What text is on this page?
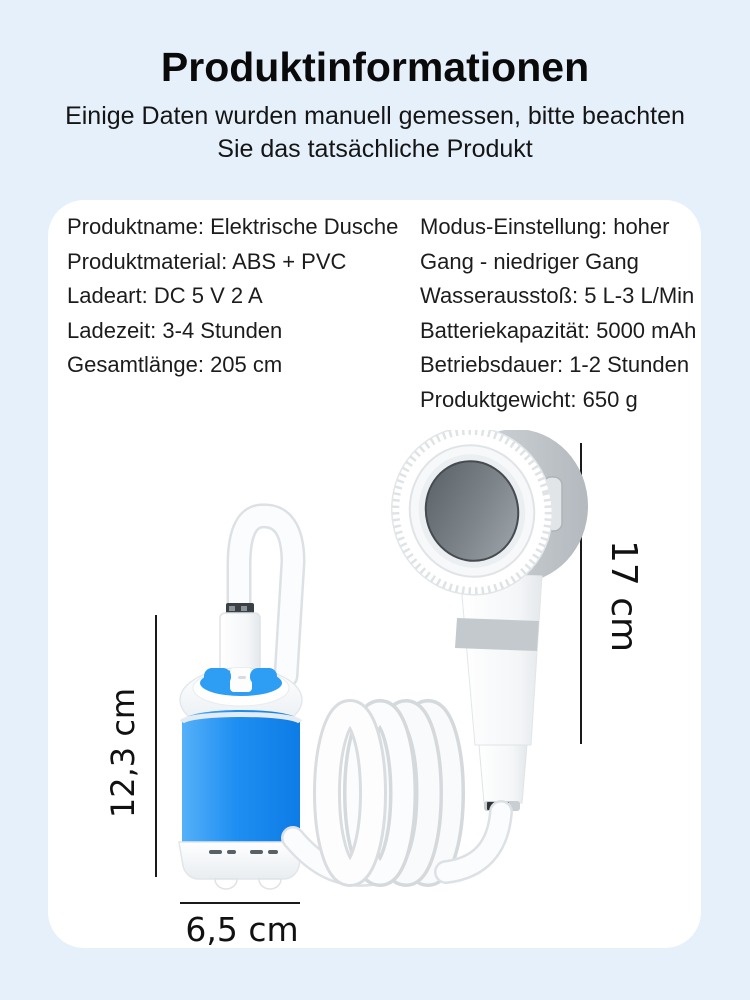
Produktinformationen
Einige Daten wurden manuell gemessen, bitte beachten
Sie das tatsächliche Produkt

Produktname: Elektrische Dusche

Produktmaterial: ABS + PVC

Ladeart: DC 5 V 2 A

Ladezeit: 3-4 Stunden

Gesamtlänge: 205 cm

Modus-Einstellung: hoher

Gang - niedriger Gang

Wasserausstoß: 5 L-3 L/Min

Batteriekapazität: 5000 mAh

Betriebsdauer: 1-2 Stunden

Produktgewicht: 650 g

12,3 cm
6,5 cm
17 cm
